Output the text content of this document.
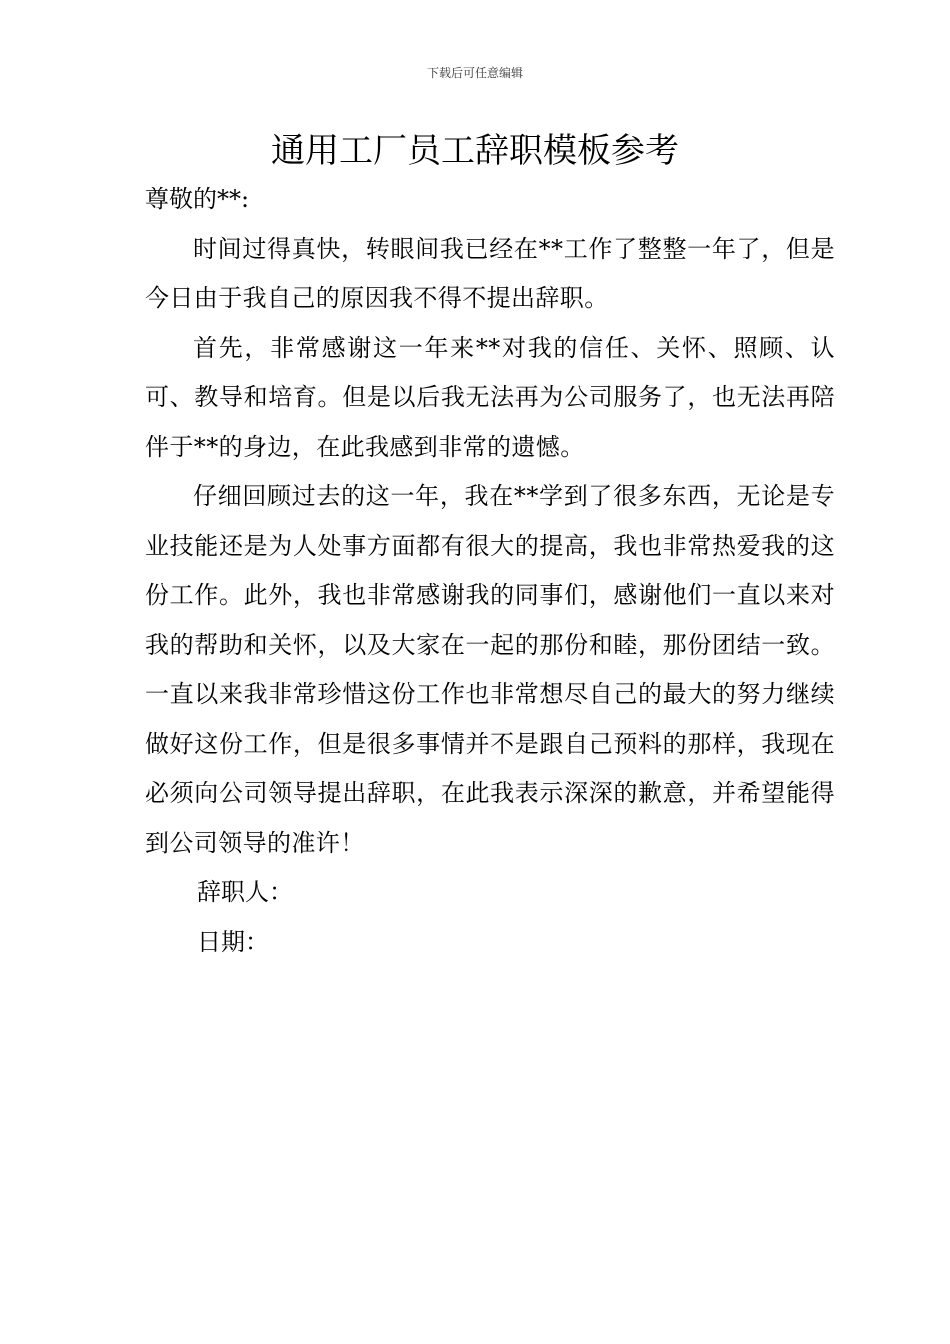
下载后可任意编辑
通用工厂员工辞职模板参考

尊敬的**:

时间过得真快，转眼间我已经在**工作了整整一年了，但是今日由于我自己的原因我不得不提出辞职。

首先，非常感谢这一年来**对我的信任、关怀、照顾、认可、教导和培育。但是以后我无法再为公司服务了，也无法再陪伴于**的身边，在此我感到非常的遗憾。

仔细回顾过去的这一年，我在**学到了很多东西，无论是专业技能还是为人处事方面都有很大的提高，我也非常热爱我的这份工作。此外，我也非常感谢我的同事们，感谢他们一直以来对我的帮助和关怀，以及大家在一起的那份和睦，那份团结一致。一直以来我非常珍惜这份工作也非常想尽自己的最大的努力继续做好这份工作，但是很多事情并不是跟自己预料的那样，我现在必须向公司领导提出辞职，在此我表示深深的歉意，并希望能得到公司领导的准许！

辞职人：

日期：
